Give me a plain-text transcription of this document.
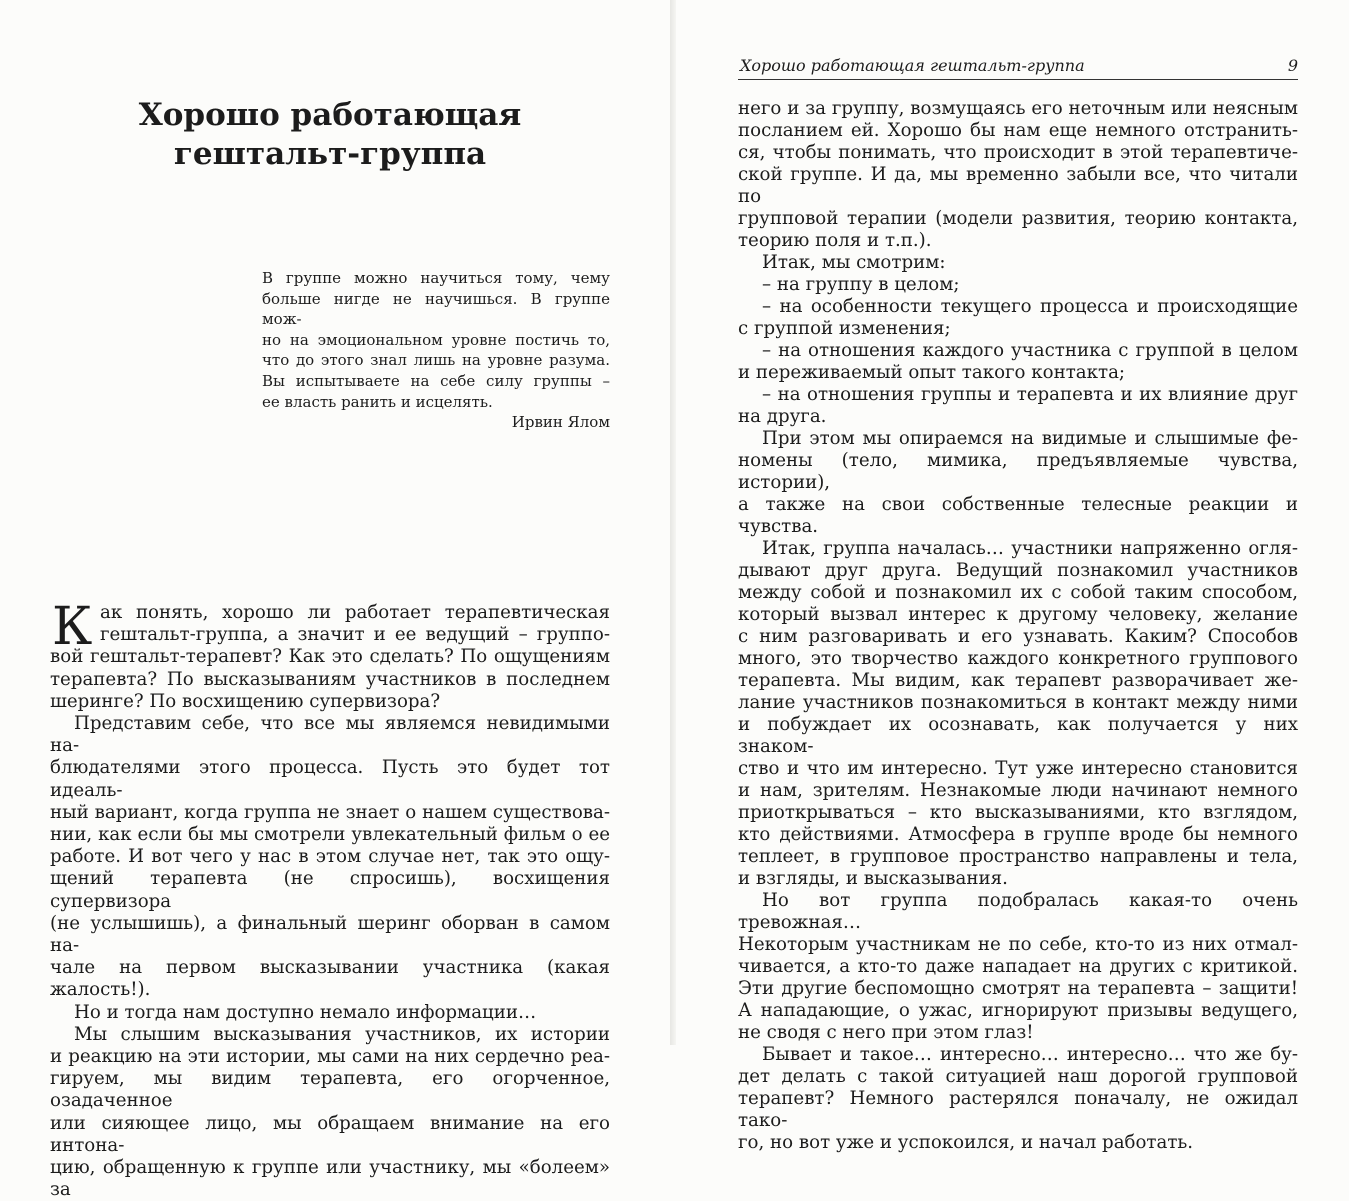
Хорошо работающая
гештальт-группа
В группе можно научиться тому, чему
больше нигде не научишься. В группе мож-
но на эмоциональном уровне постичь то,
что до этого знал лишь на уровне разума.
Вы испытываете на себе силу группы –
ее власть ранить и исцелять.
Ирвин Ялом
К ак понять, хорошо ли работает терапевтическая
гештальт-группа, а значит и ее ведущий – группо-
вой гештальт-терапевт? Как это сделать? По ощущениям
терапевта? По высказываниям участников в последнем
шеринге? По восхищению супервизора?
Представим себе, что все мы являемся невидимыми на-
блюдателями этого процесса. Пусть это будет тот идеаль-
ный вариант, когда группа не знает о нашем существова-
нии, как если бы мы смотрели увлекательный фильм о ее
работе. И вот чего у нас в этом случае нет, так это ощу-
щений терапевта (не спросишь), восхищения супервизора
(не услышишь), а финальный шеринг оборван в самом на-
чале на первом высказывании участника (какая жалость!).
Но и тогда нам доступно немало информации…
Мы слышим высказывания участников, их истории
и реакцию на эти истории, мы сами на них сердечно реа-
гируем, мы видим терапевта, его огорченное, озадаченное
или сияющее лицо, мы обращаем внимание на его интона-
цию, обращенную к группе или участнику, мы «болеем» за
Хорошо работающая гештальт-группа	9
него и за группу, возмущаясь его неточным или неясным
посланием ей. Хорошо бы нам еще немного отстранить-
ся, чтобы понимать, что происходит в этой терапевтиче-
ской группе. И да, мы временно забыли все, что читали по
групповой терапии (модели развития, теорию контакта,
теорию поля и т.п.).
Итак, мы смотрим:
– на группу в целом;
– на особенности текущего процесса и происходящие
с группой изменения;
– на отношения каждого участника с группой в целом
и переживаемый опыт такого контакта;
– на отношения группы и терапевта и их влияние друг
на друга.
При этом мы опираемся на видимые и слышимые фе-
номены (тело, мимика, предъявляемые чувства, истории),
а также на свои собственные телесные реакции и чувства.
Итак, группа началась… участники напряженно огля-
дывают друг друга. Ведущий познакомил участников
между собой и познакомил их с собой таким способом,
который вызвал интерес к другому человеку, желание
с ним разговаривать и его узнавать. Каким? Способов
много, это творчество каждого конкретного группового
терапевта. Мы видим, как терапевт разворачивает же-
лание участников познакомиться в контакт между ними
и побуждает их осознавать, как получается у них знаком-
ство и что им интересно. Тут уже интересно становится
и нам, зрителям. Незнакомые люди начинают немного
приоткрываться – кто высказываниями, кто взглядом,
кто действиями. Атмосфера в группе вроде бы немного
теплеет, в групповое пространство направлены и тела,
и взгляды, и высказывания.
Но вот группа подобралась какая-то очень тревожная…
Некоторым участникам не по себе, кто-то из них отмал-
чивается, а кто-то даже нападает на других с критикой.
Эти другие беспомощно смотрят на терапевта – защити!
А нападающие, о ужас, игнорируют призывы ведущего,
не сводя с него при этом глаз!
Бывает и такое… интересно… интересно… что же бу-
дет делать с такой ситуацией наш дорогой групповой
терапевт? Немного растерялся поначалу, не ожидал тако-
го, но вот уже и успокоился, и начал работать.
